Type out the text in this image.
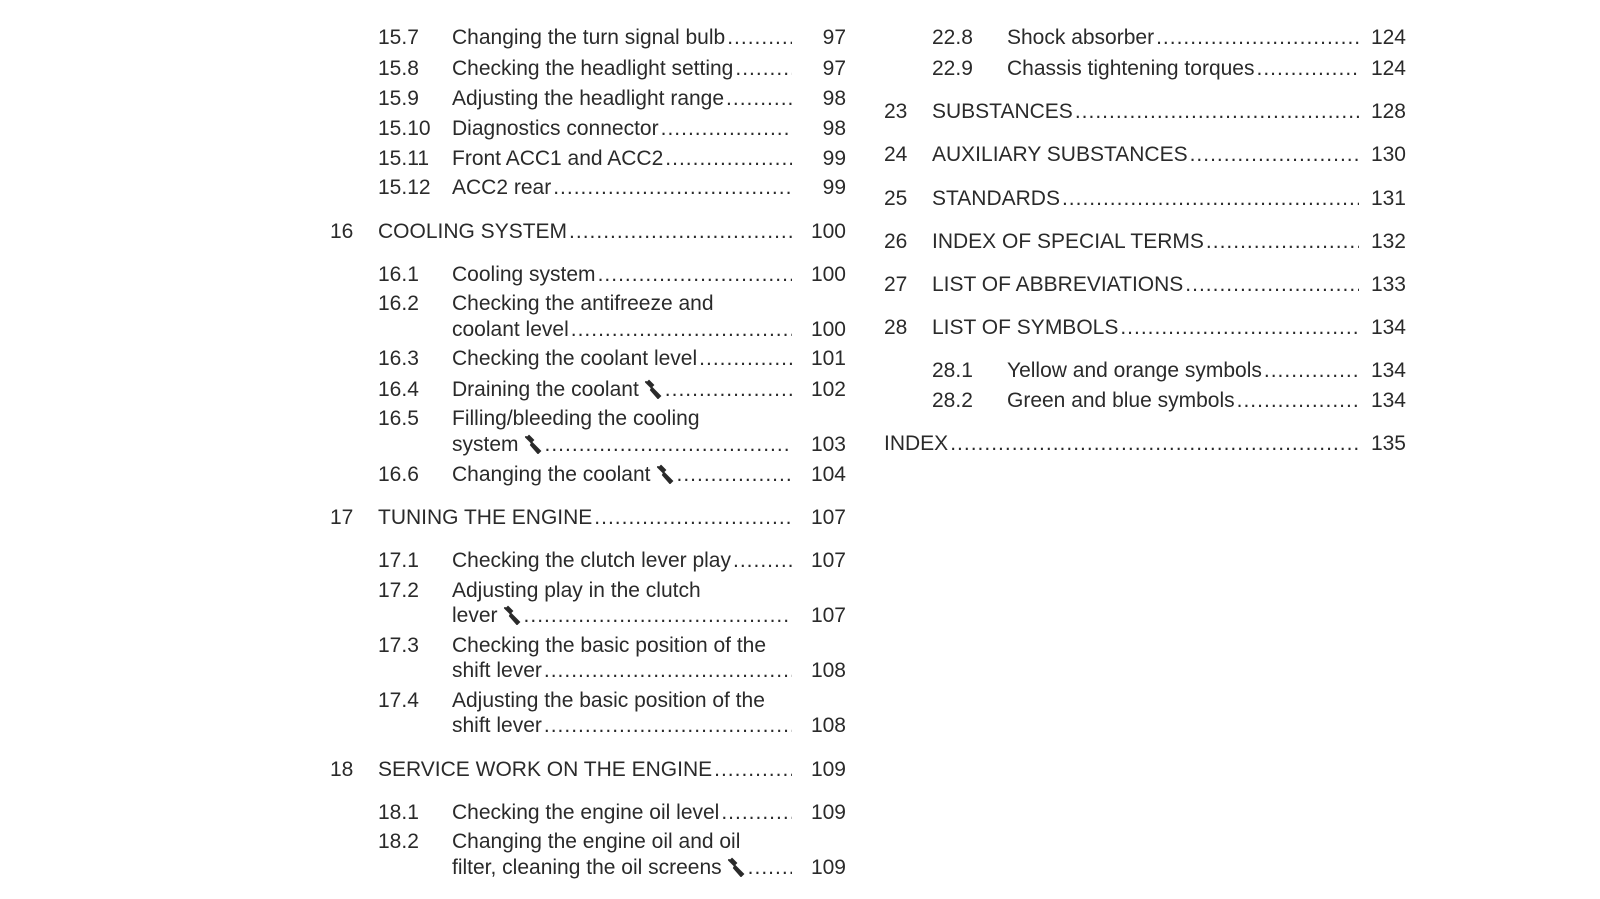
15.7 Changing the turn signal bulb .....	97
15.8 Checking the headlight setting .....	97
15.9 Adjusting the headlight range .....	98
15.10 Diagnostics connector .....	98
15.11 Front ACC1 and ACC2 .....	99
15.12 ACC2 rear .....	99
16 COOLING SYSTEM .....	100
16.1 Cooling system .....	100
16.2 Checking the antifreeze and
coolant level .....	100
16.3 Checking the coolant level .....	101
16.4 Draining the coolant .....	102
16.5 Filling/bleeding the cooling
system .....	103
16.6 Changing the coolant .....	104
17 TUNING THE ENGINE .....	107
17.1 Checking the clutch lever play .....	107
17.2 Adjusting play in the clutch
lever .....	107
17.3 Checking the basic position of the
shift lever .....	108
17.4 Adjusting the basic position of the
shift lever .....	108
18 SERVICE WORK ON THE ENGINE .....	109
18.1 Checking the engine oil level .....	109
18.2 Changing the engine oil and oil
filter, cleaning the oil screens .....	109
22.8 Shock absorber .....	124
22.9 Chassis tightening torques .....	124
23 SUBSTANCES .....	128
24 AUXILIARY SUBSTANCES .....	130
25 STANDARDS .....	131
26 INDEX OF SPECIAL TERMS .....	132
27 LIST OF ABBREVIATIONS .....	133
28 LIST OF SYMBOLS .....	134
28.1 Yellow and orange symbols .....	134
28.2 Green and blue symbols .....	134
INDEX .....	135
